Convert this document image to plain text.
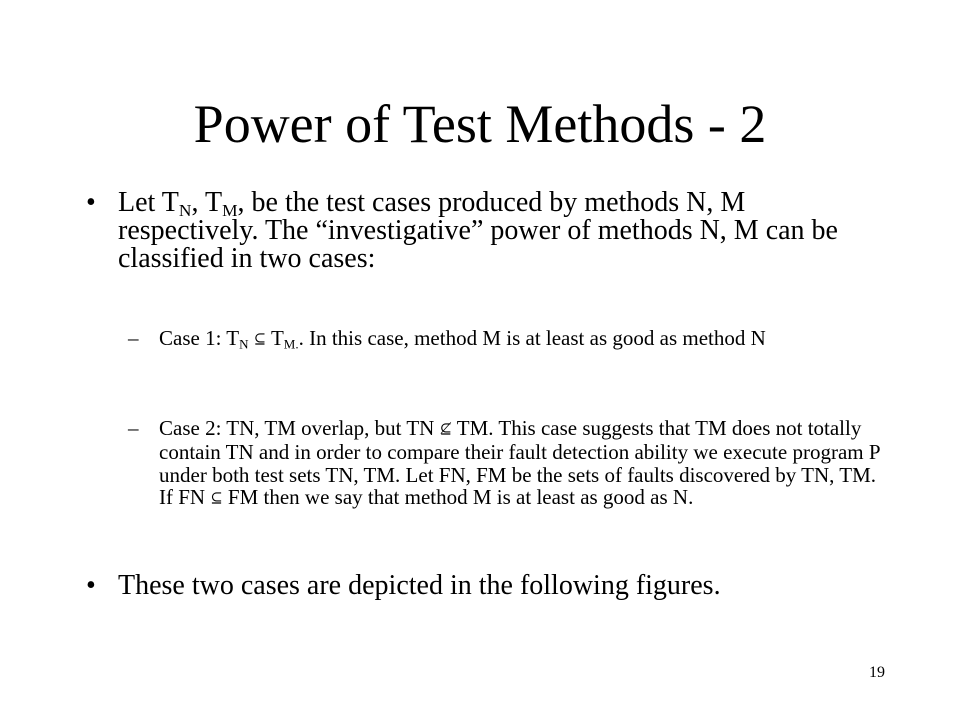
Power of Test Methods - 2
• Let $T_N$, $T_M$, be the test cases produced by methods N, M respectively. The “investigative” power of methods N, M can be classified in two cases:
– Case 1: $T_N$ ⊆ $T_{M.}$. In this case, method M is at least as good as method N
– Case 2: TN, TM overlap, but TN ⊈ TM. This case suggests that TM does not totally contain TN and in order to compare their fault detection ability we execute program P under both test sets TN, TM. Let FN, FM be the sets of faults discovered by TN, TM. If FN ⊆ FM then we say that method M is at least as good as N.
• These two cases are depicted in the following figures.
19
